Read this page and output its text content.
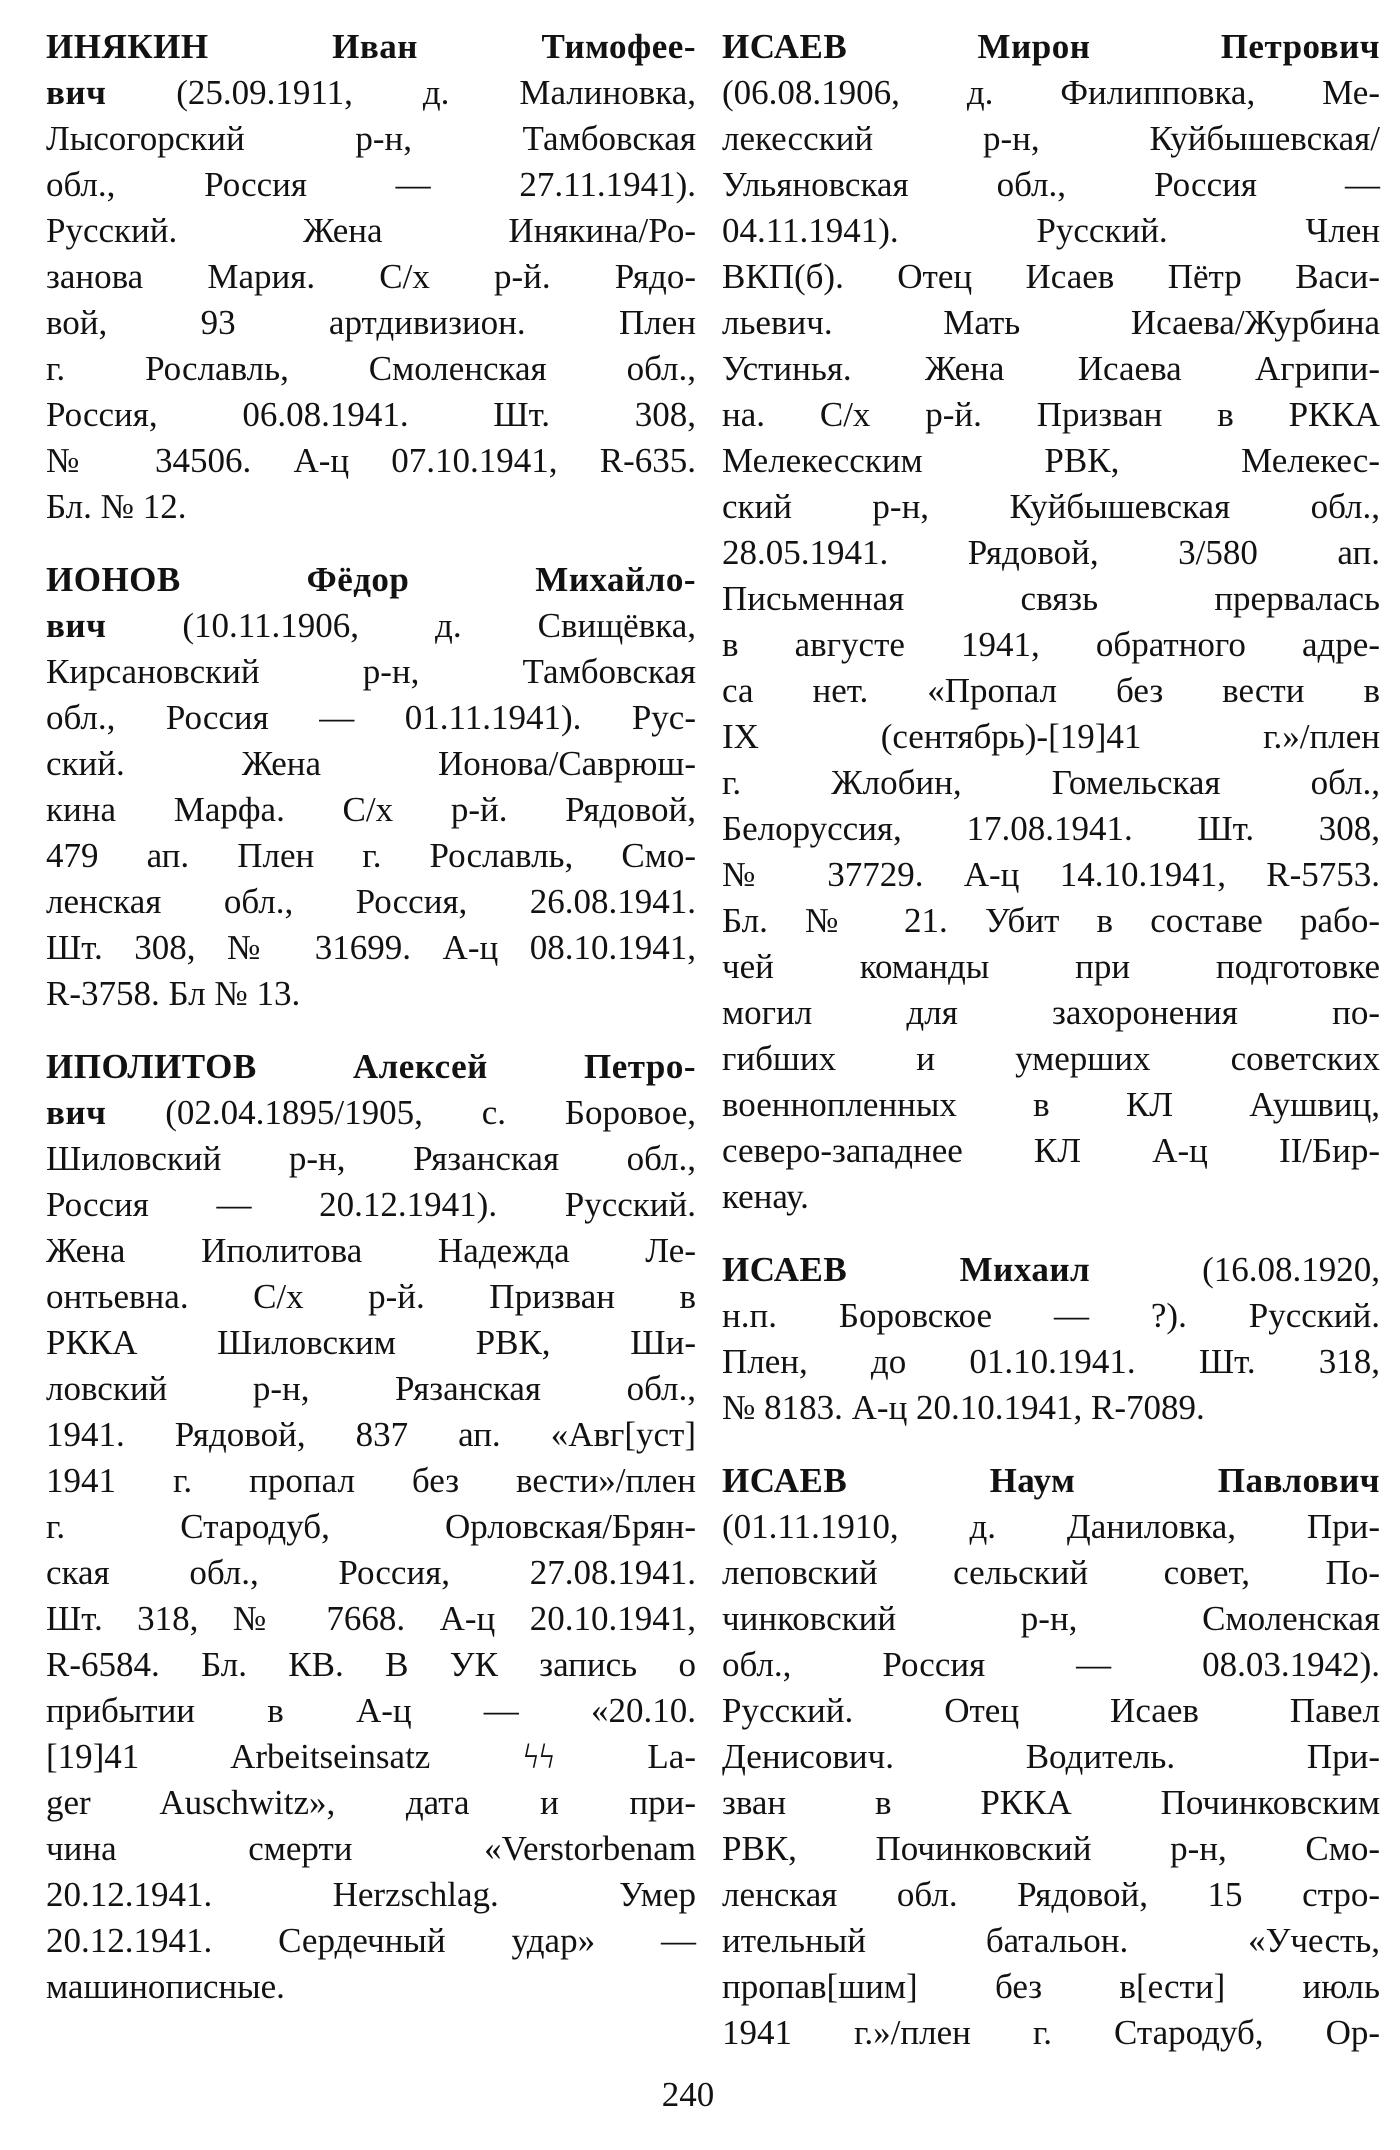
ИНЯКИН Иван Тимофее-
вич (25.09.1911, д. Малиновка,
Лысогорский р-н, Тамбовская
обл., Россия — 27.11.1941).
Русский. Жена Инякина/Ро-
занова Мария. С/х р-й. Рядо-
вой, 93 артдивизион. Плен
г. Рославль, Смоленская обл.,
Россия, 06.08.1941. Шт. 308,
№ 34506. А-ц 07.10.1941, R-635.
Бл. № 12.
ИОНОВ Фёдор Михайло-
вич (10.11.1906, д. Свищёвка,
Кирсановский р-н, Тамбовская
обл., Россия — 01.11.1941). Рус-
ский. Жена Ионова/Саврюш-
кина Марфа. С/х р-й. Рядовой,
479 ап. Плен г. Рославль, Смо-
ленская обл., Россия, 26.08.1941.
Шт. 308, № 31699. А-ц 08.10.1941,
R-3758. Бл № 13.
ИПОЛИТОВ Алексей Петро-
вич (02.04.1895/1905, с. Боровое,
Шиловский р-н, Рязанская обл.,
Россия — 20.12.1941). Русский.
Жена Иполитова Надежда Ле-
онтьевна. С/х р-й. Призван в
РККА Шиловским РВК, Ши-
ловский р-н, Рязанская обл.,
1941. Рядовой, 837 ап. «Авг[уст]
1941 г. пропал без вести»/плен
г. Стародуб, Орловская/Брян-
ская обл., Россия, 27.08.1941.
Шт. 318, № 7668. А-ц 20.10.1941,
R-6584. Бл. КВ. В УК запись о
прибытии в А-ц — «20.10.
[19]41 Arbeitseinsatz ϟϟ La-
ger Auschwitz», дата и при-
чина смерти «Verstorbenam
20.12.1941. Herzschlag. Умер
20.12.1941. Сердечный удар» —
машинописные.
ИСАЕВ Мирон Петрович
(06.08.1906, д. Филипповка, Ме-
лекесский р-н, Куйбышевская/
Ульяновская обл., Россия —
04.11.1941). Русский. Член
ВКП(б). Отец Исаев Пётр Васи-
льевич. Мать Исаева/Журбина
Устинья. Жена Исаева Агрипи-
на. С/х р-й. Призван в РККА
Мелекесским РВК, Мелекес-
ский р-н, Куйбышевская обл.,
28.05.1941. Рядовой, 3/580 ап.
Письменная связь прервалась
в августе 1941, обратного адре-
са нет. «Пропал без вести в
IX (сентябрь)-[19]41 г.»/плен
г. Жлобин, Гомельская обл.,
Белоруссия, 17.08.1941. Шт. 308,
№ 37729. А-ц 14.10.1941, R-5753.
Бл. № 21. Убит в составе рабо-
чей команды при подготовке
могил для захоронения по-
гибших и умерших советских
военнопленных в КЛ Аушвиц,
северо-западнее КЛ А-ц II/Бир-
кенау.
ИСАЕВ Михаил (16.08.1920,
н.п. Боровское — ?). Русский.
Плен, до 01.10.1941. Шт. 318,
№ 8183. А-ц 20.10.1941, R-7089.
ИСАЕВ Наум Павлович
(01.11.1910, д. Даниловка, При-
леповский сельский совет, По-
чинковский р-н, Смоленская
обл., Россия — 08.03.1942).
Русский. Отец Исаев Павел
Денисович. Водитель. При-
зван в РККА Починковским
РВК, Починковский р-н, Смо-
ленская обл. Рядовой, 15 стро-
ительный батальон. «Учесть,
пропав[шим] без в[ести] июль
1941 г.»/плен г. Стародуб, Ор-
240
